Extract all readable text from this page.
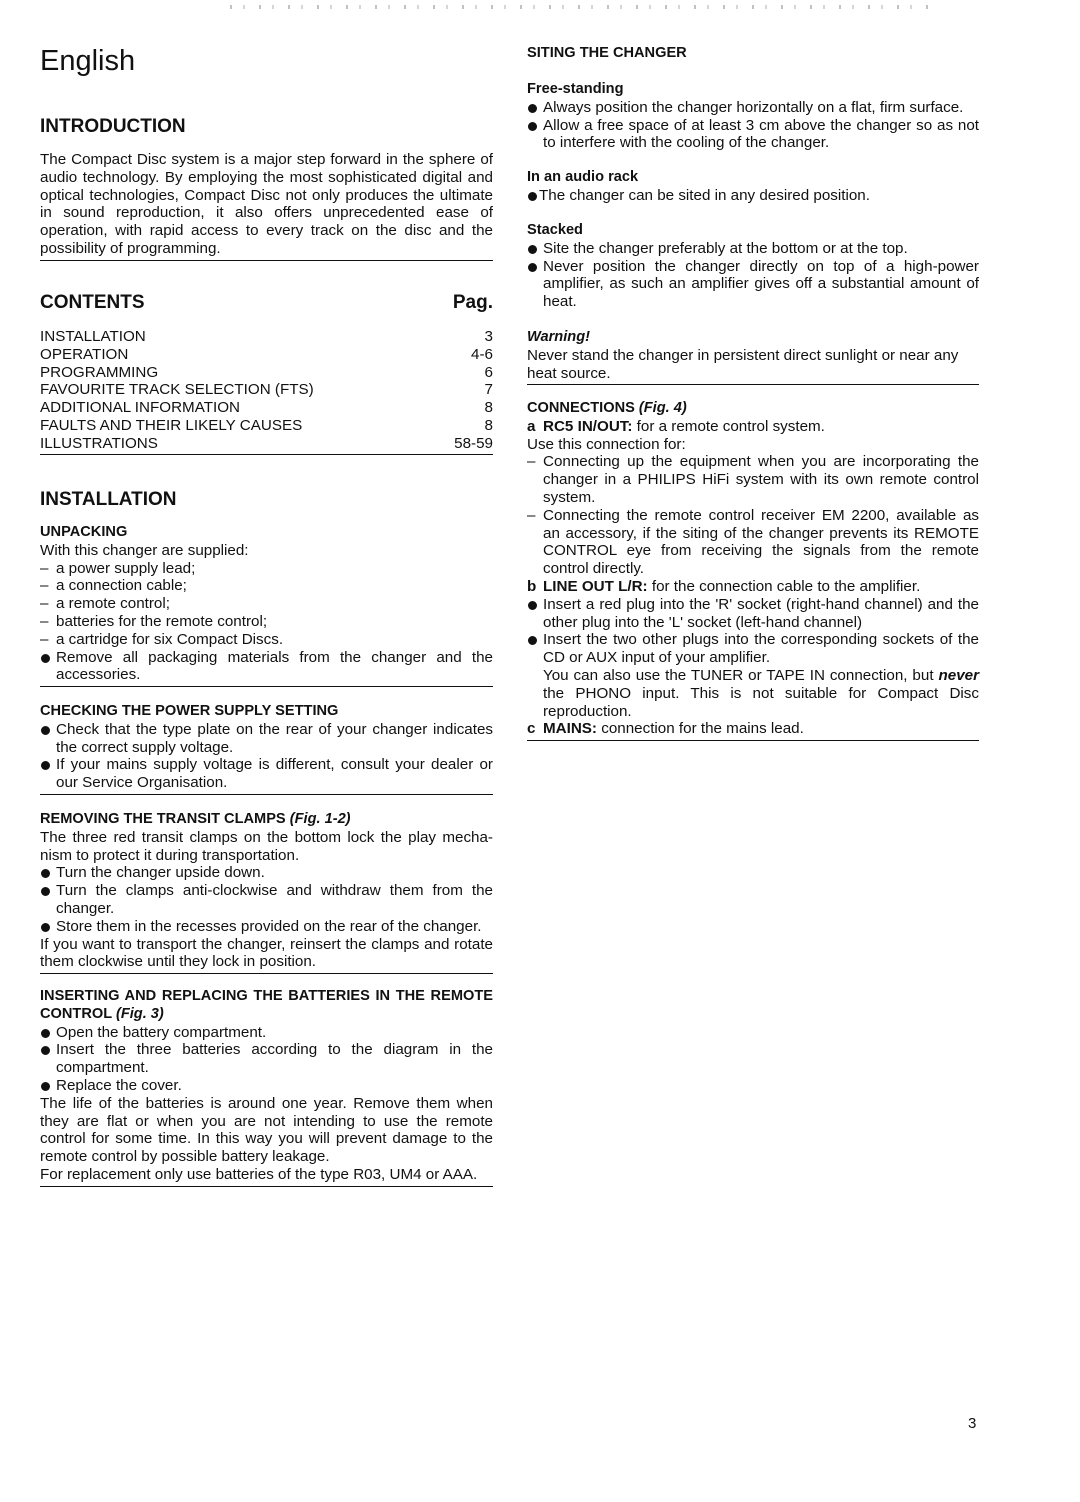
English
INTRODUCTION
The Compact Disc system is a major step forward in the sphere of audio technology. By employing the most sophisticated digital and optical technologies, Compact Disc not only produces the ultimate in sound reproduction, it also offers unprecedented ease of operation, with rapid access to every track on the disc and the possibility of programming.
CONTENTS	Pag.
INSTALLATION	3
OPERATION	4-6
PROGRAMMING	6
FAVOURITE TRACK SELECTION (FTS)	7
ADDITIONAL INFORMATION	8
FAULTS AND THEIR LIKELY CAUSES	8
ILLUSTRATIONS	58-59
INSTALLATION
UNPACKING
With this changer are supplied:
– a power supply lead;
– a connection cable;
– a remote control;
– batteries for the remote control;
– a cartridge for six Compact Discs.
Remove all packaging materials from the changer and the accessories.
CHECKING THE POWER SUPPLY SETTING
Check that the type plate on the rear of your changer indicates the correct supply voltage.
If your mains supply voltage is different, consult your dealer or our Service Organisation.
REMOVING THE TRANSIT CLAMPS (Fig. 1-2)
The three red transit clamps on the bottom lock the play mecha-nism to protect it during transportation.
Turn the changer upside down.
Turn the clamps anti-clockwise and withdraw them from the changer.
Store them in the recesses provided on the rear of the changer.
If you want to transport the changer, reinsert the clamps and rotate them clockwise until they lock in position.
INSERTING AND REPLACING THE BATTERIES IN THE REMOTE CONTROL (Fig. 3)
Open the battery compartment.
Insert the three batteries according to the diagram in the compartment.
Replace the cover.
The life of the batteries is around one year. Remove them when they are flat or when you are not intending to use the remote control for some time. In this way you will prevent damage to the remote control by possible battery leakage.
For replacement only use batteries of the type R03, UM4 or AAA.
SITING THE CHANGER
Free-standing
Always position the changer horizontally on a flat, firm surface.
Allow a free space of at least 3 cm above the changer so as not to interfere with the cooling of the changer.
In an audio rack
The changer can be sited in any desired position.
Stacked
Site the changer preferably at the bottom or at the top.
Never position the changer directly on top of a high-power amplifier, as such an amplifier gives off a substantial amount of heat.
Warning!
Never stand the changer in persistent direct sunlight or near any heat source.
CONNECTIONS (Fig. 4)
a RC5 IN/OUT: for a remote control system.
Use this connection for:
– Connecting up the equipment when you are incorporating the changer in a PHILIPS HiFi system with its own remote control system.
– Connecting the remote control receiver EM 2200, available as an accessory, if the siting of the changer prevents its REMOTE CONTROL eye from receiving the signals from the remote control directly.
b LINE OUT L/R: for the connection cable to the amplifier.
Insert a red plug into the 'R' socket (right-hand channel) and the other plug into the 'L' socket (left-hand channel)
Insert the two other plugs into the corresponding sockets of the CD or AUX input of your amplifier.
You can also use the TUNER or TAPE IN connection, but never the PHONO input. This is not suitable for Compact Disc reproduction.
c MAINS: connection for the mains lead.
3
